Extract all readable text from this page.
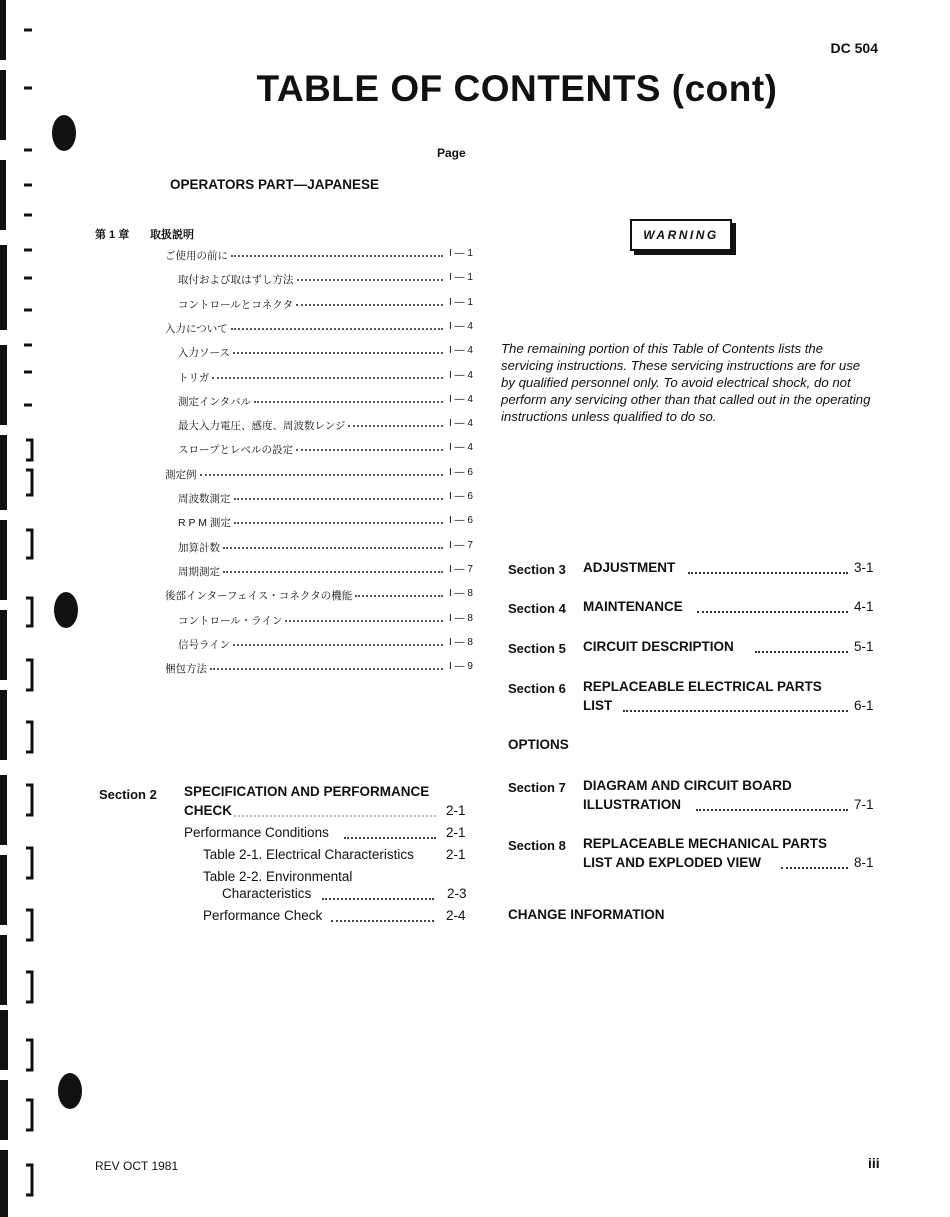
DC 504
TABLE OF CONTENTS (cont)
Page
OPERATORS PART—JAPANESE
第 1 章 取扱説明
ご使用の前に	I — 1
取付および取はずし方法	I — 1
コントロールとコネクタ	I — 1
入力について	I — 4
入力ソース	I — 4
トリガ	I — 4
測定インタバル	I — 4
最大入力電圧、感度、周波数レンジ	I — 4
スロープとレベルの設定	I — 4
測定例	I — 6
周波数測定	I — 6
R P M 測定	I — 6
加算計数	I — 7
周期測定	I — 7
後部インターフェイス・コネクタの機能	I — 8
コントロール・ライン	I — 8
信号ライン	I — 8
梱包方法	I — 9
Section 2 SPECIFICATION AND PERFORMANCE
CHECK	2-1
Performance Conditions	2-1
Table 2-1. Electrical Characteristics 2-1
Table 2-2. Environmental
Characteristics	2-3
Performance Check	2-4
WARNING
The remaining portion of this Table of Contents lists the servicing instructions. These servicing instructions are for use by qualified personnel only. To avoid electrical shock, do not perform any servicing other than that called out in the operating instructions unless qualified to do so.
Section 3 ADJUSTMENT	3-1
Section 4 MAINTENANCE	4-1
Section 5 CIRCUIT DESCRIPTION	5-1
Section 6 REPLACEABLE ELECTRICAL PARTS
LIST	6-1
OPTIONS
Section 7 DIAGRAM AND CIRCUIT BOARD
ILLUSTRATION	7-1
Section 8 REPLACEABLE MECHANICAL PARTS
LIST AND EXPLODED VIEW	8-1
CHANGE INFORMATION
REV OCT 1981	iii
